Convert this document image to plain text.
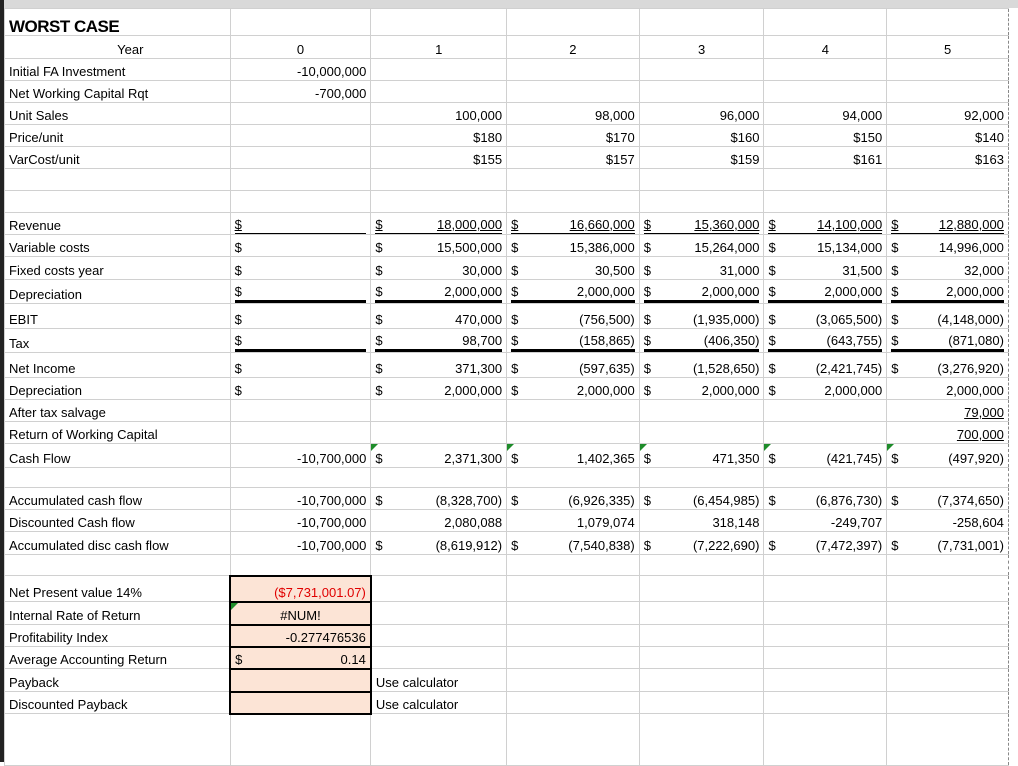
WORST CASE							
Year	0	1	2	3	4	5	
Initial FA Investment	-10,000,000						
Net Working Capital Rqt	-700,000						
Unit Sales		100,000	98,000	96,000	94,000	92,000	
Price/unit		$180	$170	$160	$150	$140	
VarCost/unit		$155	$157	$159	$161	$163	

Revenue	$	$	18,000,000	$	16,660,000	$	15,360,000	$	14,100,000	$	12,880,000

Variable costs	$	$	15,500,000	$	15,386,000	$	15,264,000	$	15,134,000	$	14,996,000

Fixed costs year	$	$	30,000	$	30,500	$	31,000	$	31,500	$	32,000

Depreciation	$	$	2,000,000	$	2,000,000	$	2,000,000	$	2,000,000	$	2,000,000

EBIT	$	$	470,000	$	(756,500)	$	(1,935,000)	$	(3,065,500)	$	(4,148,000)

Tax	$	$	98,700	$	(158,865)	$	(406,350)	$	(643,755)	$	(871,080)

Net Income	$	$	371,300	$	(597,635)	$	(1,528,650)	$	(2,421,745)	$	(3,276,920)

Depreciation	$	$	2,000,000	$	2,000,000	$	2,000,000	$	2,000,000	2,000,000	
After tax salvage						79,000	
Return of Working Capital						700,000	
Cash Flow	-10,700,000	$	2,371,300	$	1,402,365	$	471,350	$	(421,745)	$	(497,920)

Accumulated cash flow	-10,700,000	$	(8,328,700)	$	(6,926,335)	$	(6,454,985)	$	(6,876,730)	$	(7,374,650)

Discounted Cash flow	-10,700,000	2,080,088	1,079,074	318,148	-249,707	-258,604	
Accumulated disc cash flow	-10,700,000	$	(8,619,912)	$	(7,540,838)	$	(7,222,690)	$	(7,472,397)	$	(7,731,001)

Net Present value 14%	($7,731,001.07)						
Internal Rate of Return	#NUM!						
Profitability Index	-0.277476536						
Average Accounting Return	$	0.14

Payback		Use calculator					
Discounted Payback		Use calculator					
